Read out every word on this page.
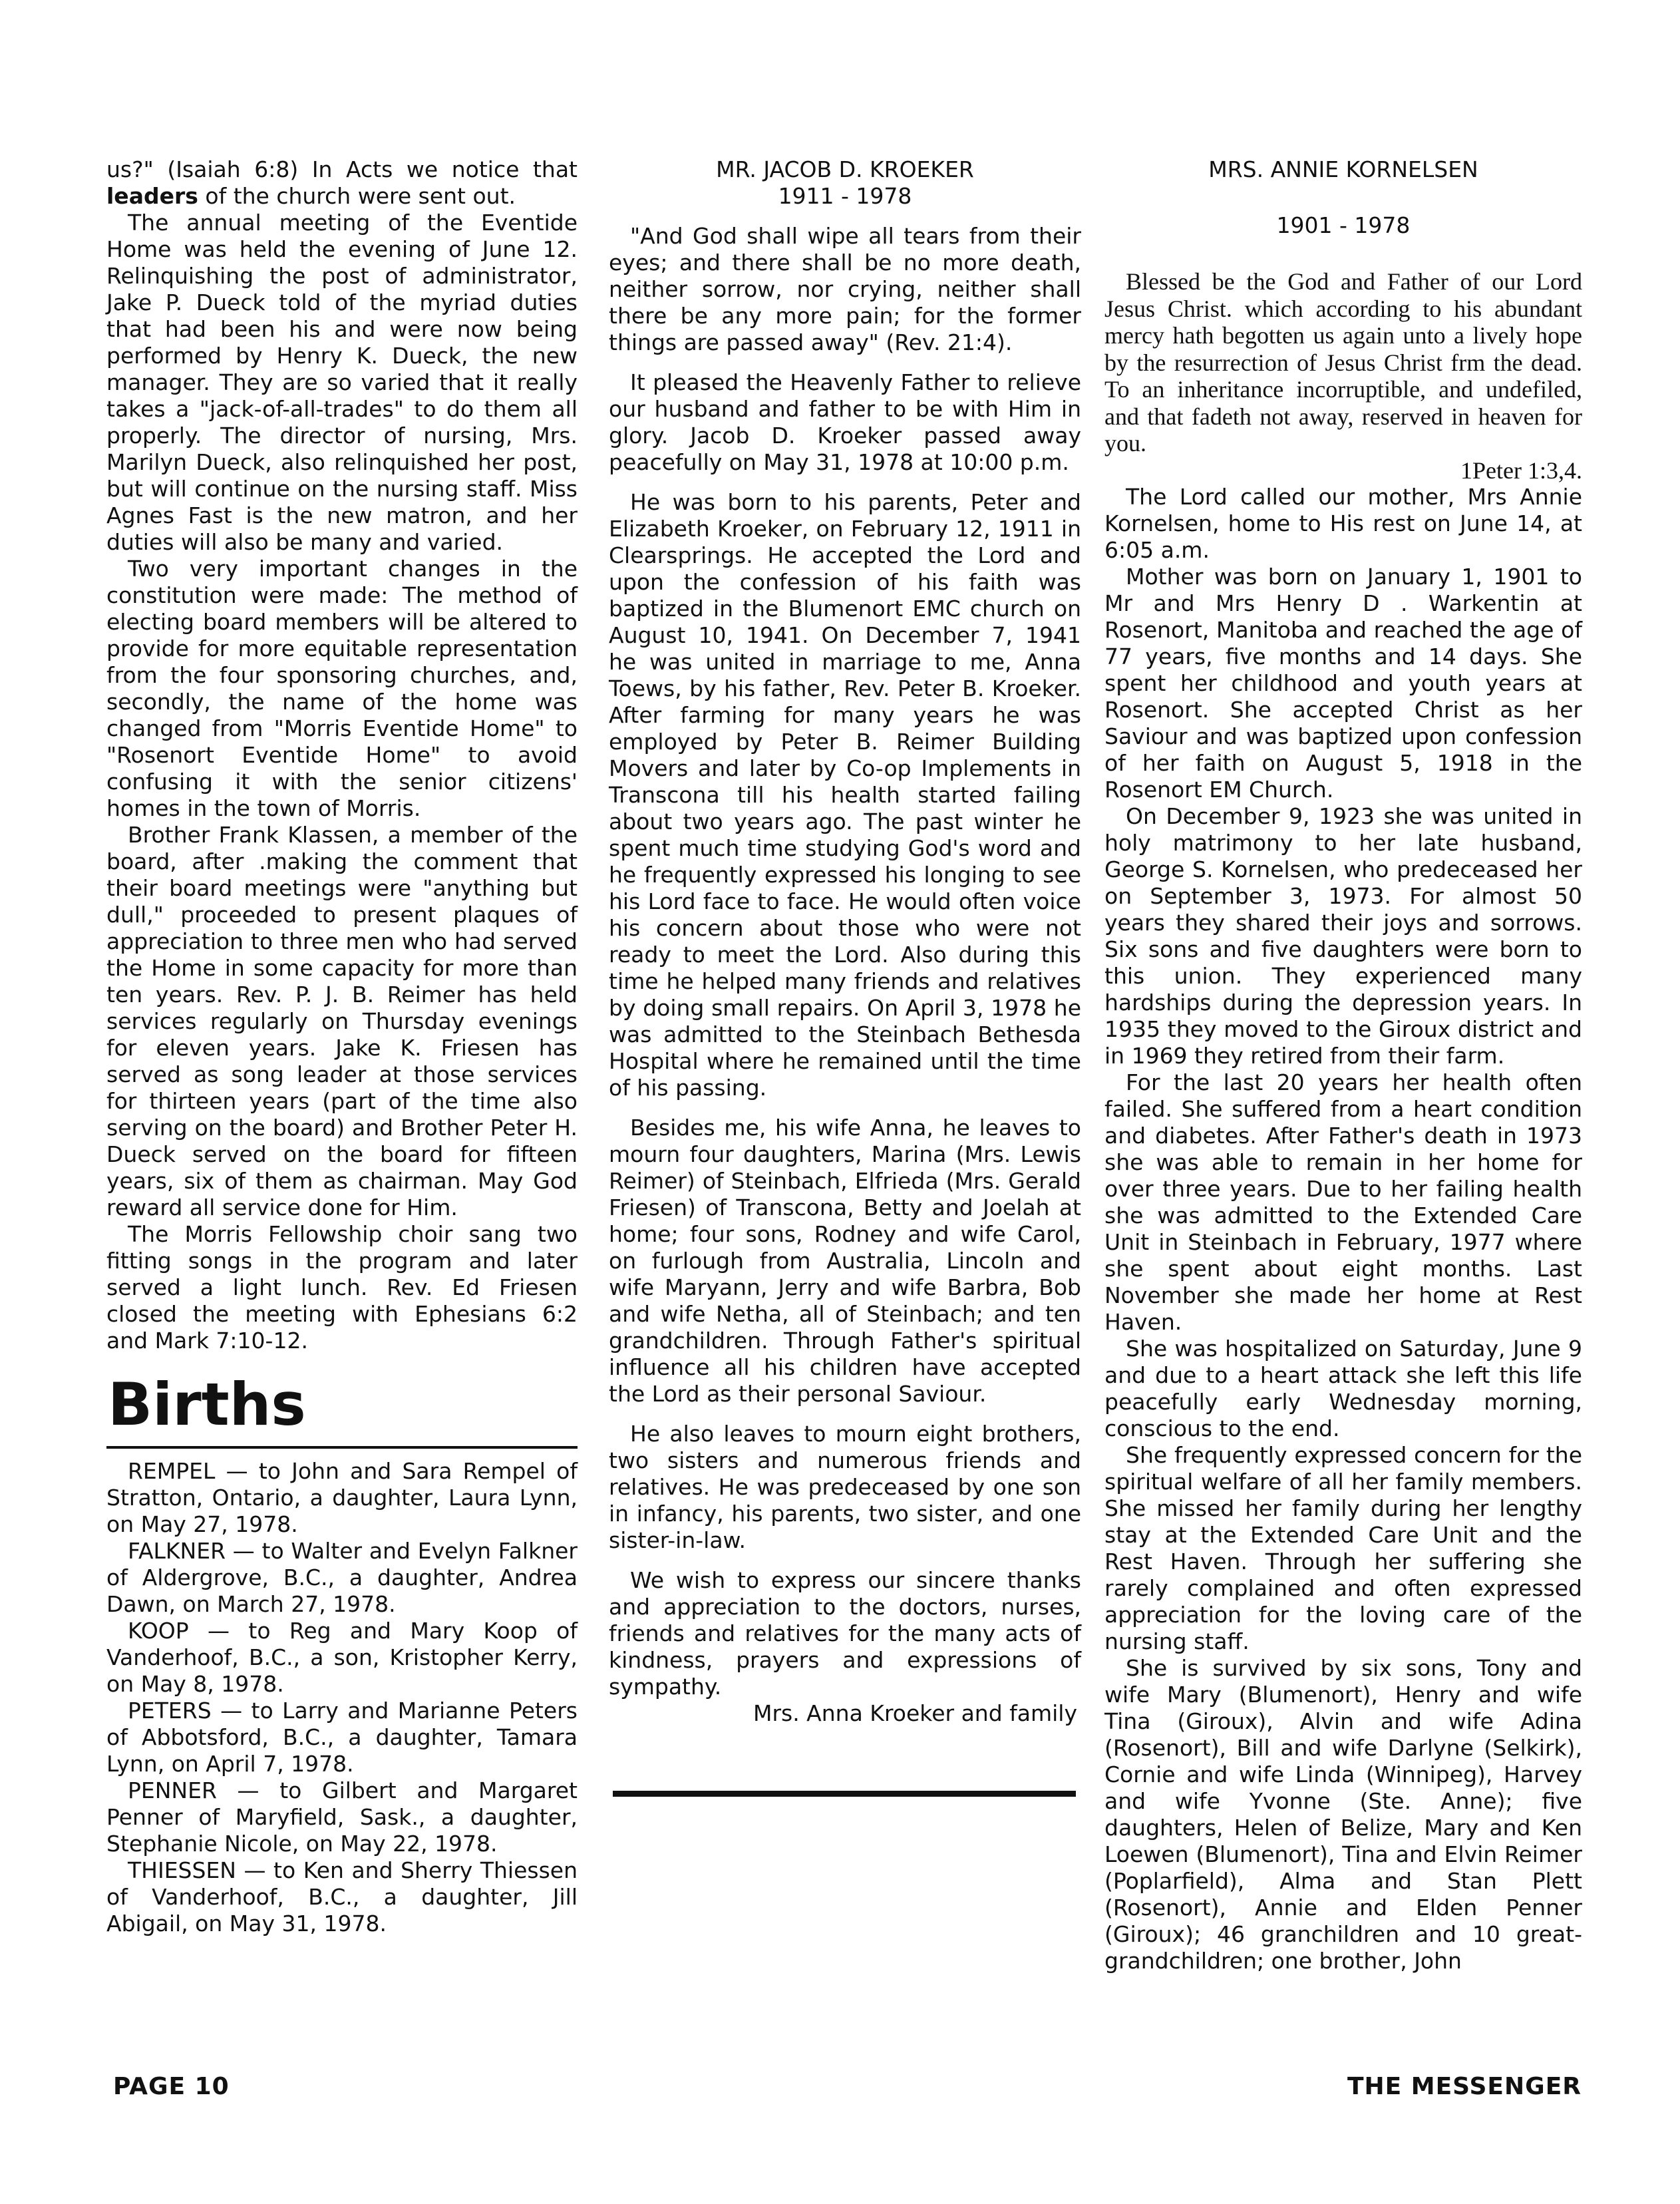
us?" (Isaiah 6:8) In Acts we notice that leaders of the church were sent out.

The annual meeting of the Eventide Home was held the evening of June 12. Relinquishing the post of administrator, Jake P. Dueck told of the myriad duties that had been his and were now being performed by Henry K. Dueck, the new manager. They are so varied that it really takes a "jack-of-all-trades" to do them all properly. The director of nursing, Mrs. Marilyn Dueck, also relinquished her post, but will continue on the nursing staff. Miss Agnes Fast is the new matron, and her duties will also be many and varied.

Two very important changes in the constitution were made: The method of electing board members will be altered to provide for more equitable representation from the four sponsoring churches, and, secondly, the name of the home was changed from "Morris Eventide Home" to "Rosenort Eventide Home" to avoid confusing it with the senior citizens' homes in the town of Morris.

Brother Frank Klassen, a member of the board, after .making the comment that their board meetings were "anything but dull," proceeded to present plaques of appreciation to three men who had served the Home in some capacity for more than ten years. Rev. P. J. B. Reimer has held services regularly on Thursday evenings for eleven years. Jake K. Friesen has served as song leader at those services for thirteen years (part of the time also serving on the board) and Brother Peter H. Dueck served on the board for fifteen years, six of them as chairman. May God reward all service done for Him.

The Morris Fellowship choir sang two fitting songs in the program and later served a light lunch. Rev. Ed Friesen closed the meeting with Ephesians 6:2 and Mark 7:10-12.

Births

REMPEL — to John and Sara Rempel of Stratton, Ontario, a daughter, Laura Lynn, on May 27, 1978.

FALKNER — to Walter and Evelyn Falkner of Aldergrove, B.C., a daughter, Andrea Dawn, on March 27, 1978.

KOOP — to Reg and Mary Koop of Vanderhoof, B.C., a son, Kristopher Kerry, on May 8, 1978.

PETERS — to Larry and Marianne Peters of Abbotsford, B.C., a daughter, Tamara Lynn, on April 7, 1978.

PENNER — to Gilbert and Margaret Penner of Maryfield, Sask., a daughter, Stephanie Nicole, on May 22, 1978.

THIESSEN — to Ken and Sherry Thiessen of Vanderhoof, B.C., a daughter, Jill Abigail, on May 31, 1978.

MR. JACOB D. KROEKER
1911 - 1978

"And God shall wipe all tears from their eyes; and there shall be no more death, neither sorrow, nor crying, neither shall there be any more pain; for the former things are passed away" (Rev. 21:4).

It pleased the Heavenly Father to relieve our husband and father to be with Him in glory. Jacob D. Kroeker passed away peacefully on May 31, 1978 at 10:00 p.m.

He was born to his parents, Peter and Elizabeth Kroeker, on February 12, 1911 in Clearsprings. He accepted the Lord and upon the confession of his faith was baptized in the Blumenort EMC church on August 10, 1941. On December 7, 1941 he was united in marriage to me, Anna Toews, by his father, Rev. Peter B. Kroeker. After farming for many years he was employed by Peter B. Reimer Building Movers and later by Co-op Implements in Transcona till his health started failing about two years ago. The past winter he spent much time studying God's word and he frequently expressed his longing to see his Lord face to face. He would often voice his concern about those who were not ready to meet the Lord. Also during this time he helped many friends and relatives by doing small repairs. On April 3, 1978 he was admitted to the Steinbach Bethesda Hospital where he remained until the time of his passing.

Besides me, his wife Anna, he leaves to mourn four daughters, Marina (Mrs. Lewis Reimer) of Steinbach, Elfrieda (Mrs. Gerald Friesen) of Transcona, Betty and Joelah at home; four sons, Rodney and wife Carol, on furlough from Australia, Lincoln and wife Maryann, Jerry and wife Barbra, Bob and wife Netha, all of Steinbach; and ten grandchildren. Through Father's spiritual influence all his children have accepted the Lord as their personal Saviour.

He also leaves to mourn eight brothers, two sisters and numerous friends and relatives. He was predeceased by one son in infancy, his parents, two sister, and one sister-in-law.

We wish to express our sincere thanks and appreciation to the doctors, nurses, friends and relatives for the many acts of kindness, prayers and expressions of sympathy.

Mrs. Anna Kroeker and family

MRS. ANNIE KORNELSEN
1901 - 1978

Blessed be the God and Father of our Lord Jesus Christ. which according to his abundant mercy hath begotten us again unto a lively hope by the resurrection of Jesus Christ frm the dead. To an inheritance incorruptible, and undefiled, and that fadeth not away, reserved in heaven for you.

1Peter 1:3,4.

The Lord called our mother, Mrs Annie Kornelsen, home to His rest on June 14, at 6:05 a.m.

Mother was born on January 1, 1901 to Mr and Mrs Henry D . Warkentin at Rosenort, Manitoba and reached the age of 77 years, five months and 14 days. She spent her childhood and youth years at Rosenort. She accepted Christ as her Saviour and was baptized upon confession of her faith on August 5, 1918 in the Rosenort EM Church.

On December 9, 1923 she was united in holy matrimony to her late husband, George S. Kornelsen, who predeceased her on September 3, 1973. For almost 50 years they shared their joys and sorrows. Six sons and five daughters were born to this union. They experienced many hardships during the depression years. In 1935 they moved to the Giroux district and in 1969 they retired from their farm.

For the last 20 years her health often failed. She suffered from a heart condition and diabetes. After Father's death in 1973 she was able to remain in her home for over three years. Due to her failing health she was admitted to the Extended Care Unit in Steinbach in February, 1977 where she spent about eight months. Last November she made her home at Rest Haven.

She was hospitalized on Saturday, June 9 and due to a heart attack she left this life peacefully early Wednesday morning, conscious to the end.

She frequently expressed concern for the spiritual welfare of all her family members. She missed her family during her lengthy stay at the Extended Care Unit and the Rest Haven. Through her suffering she rarely complained and often expressed appreciation for the loving care of the nursing staff.

She is survived by six sons, Tony and wife Mary (Blumenort), Henry and wife Tina (Giroux), Alvin and wife Adina (Rosenort), Bill and wife Darlyne (Selkirk), Cornie and wife Linda (Winnipeg), Harvey and wife Yvonne (Ste. Anne); five daughters, Helen of Belize, Mary and Ken Loewen (Blumenort), Tina and Elvin Reimer (Poplarfield), Alma and Stan Plett (Rosenort), Annie and Elden Penner (Giroux); 46 granchildren and 10 great-grandchildren; one brother, John

PAGE 10	THE MESSENGER
